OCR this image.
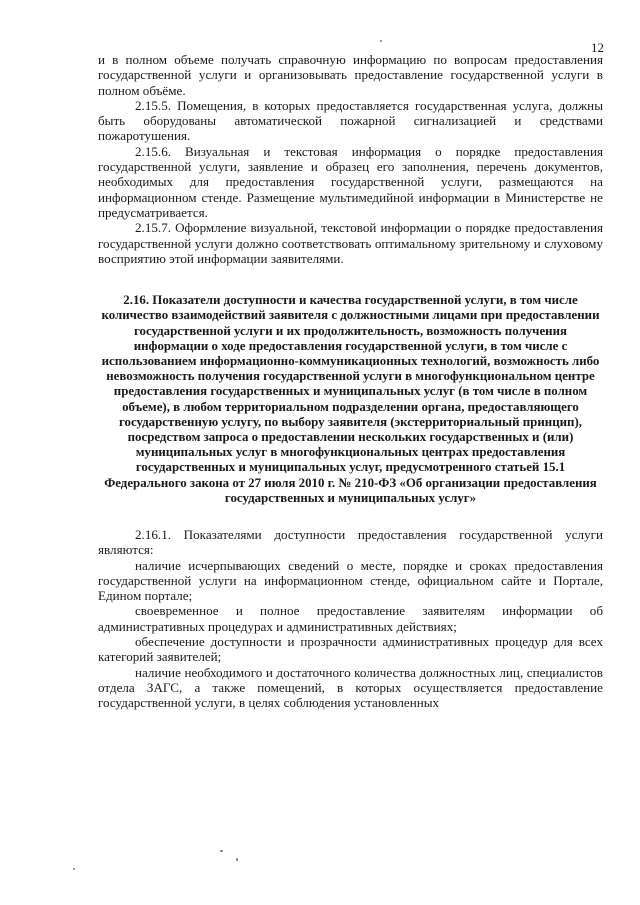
12

и в полном объеме получать справочную информацию по вопросам предоставления государственной услуги и организовывать предоставление государственной услуги в полном объёме.

2.15.5. Помещения, в которых предоставляется государственная услуга, должны быть оборудованы автоматической пожарной сигнализацией и средствами пожаротушения.

2.15.6. Визуальная и текстовая информация о порядке предоставления государственной услуги, заявление и образец его заполнения, перечень документов, необходимых для предоставления государственной услуги, размещаются на информационном стенде. Размещение мультимедийной информации в Министерстве не предусматривается.

2.15.7. Оформление визуальной, текстовой информации о порядке предоставления государственной услуги должно соответствовать оптимальному зрительному и слуховому восприятию этой информации заявителями.

2.16. Показатели доступности и качества государственной услуги, в том числе количество взаимодействий заявителя с должностными лицами при предоставлении государственной услуги и их продолжительность, возможность получения информации о ходе предоставления государственной услуги, в том числе с использованием информационно-коммуникационных технологий, возможность либо невозможность получения государственной услуги в многофункциональном центре предоставления государственных и муниципальных услуг (в том числе в полном объеме), в любом территориальном подразделении органа, предоставляющего государственную услугу, по выбору заявителя (экстерриториальный принцип), посредством запроса о предоставлении нескольких государственных и (или) муниципальных услуг в многофункциональных центрах предоставления государственных и муниципальных услуг, предусмотренного статьей 15.1 Федерального закона от 27 июля 2010 г. № 210-ФЗ «Об организации предоставления государственных и муниципальных услуг»

2.16.1. Показателями доступности предоставления государственной услуги являются:

наличие исчерпывающих сведений о месте, порядке и сроках предоставления государственной услуги на информационном стенде, официальном сайте и Портале, Едином портале;

своевременное и полное предоставление заявителям информации об административных процедурах и административных действиях;

обеспечение доступности и прозрачности административных процедур для всех категорий заявителей;

наличие необходимого и достаточного количества должностных лиц, специалистов отдела ЗАГС, а также помещений, в которых осуществляется предоставление государственной услуги, в целях соблюдения установленных
